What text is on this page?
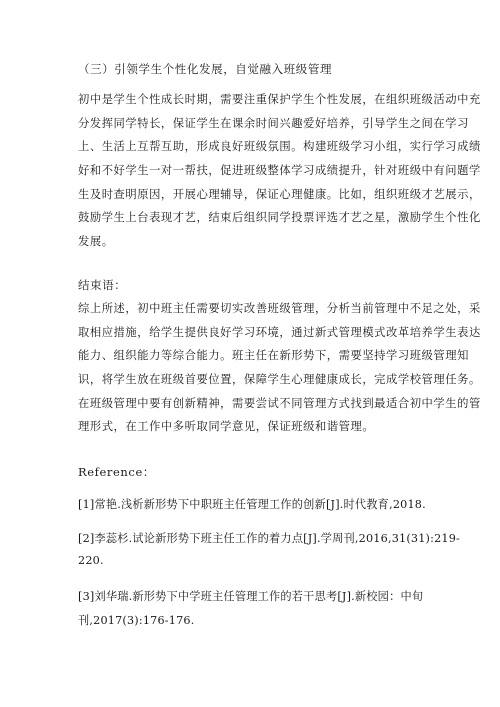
（三）引领学生个性化发展，自觉融入班级管理
初中是学生个性成长时期，需要注重保护学生个性发展，在组织班级活动中充
分发挥同学特长，保证学生在课余时间兴趣爱好培养，引导学生之间在学习
上、生活上互帮互助，形成良好班级氛围。构建班级学习小组，实行学习成绩
好和不好学生一对一帮扶，促进班级整体学习成绩提升，针对班级中有问题学
生及时查明原因，开展心理辅导，保证心理健康。比如，组织班级才艺展示，
鼓励学生上台表现才艺，结束后组织同学投票评选才艺之星，激励学生个性化
发展。
结束语：
综上所述，初中班主任需要切实改善班级管理，分析当前管理中不足之处，采
取相应措施，给学生提供良好学习环境，通过新式管理模式改革培养学生表达
能力、组织能力等综合能力。班主任在新形势下，需要坚持学习班级管理知
识，将学生放在班级首要位置，保障学生心理健康成长，完成学校管理任务。
在班级管理中要有创新精神，需要尝试不同管理方式找到最适合初中学生的管
理形式，在工作中多听取同学意见，保证班级和谐管理。
Reference：
[1]常艳.浅析新形势下中职班主任管理工作的创新[J].时代教育,2018.
[2]李蕊杉.试论新形势下班主任工作的着力点[J].学周刊,2016,31(31):219-
220.
[3]刘华瑞.新形势下中学班主任管理工作的若干思考[J].新校园：中旬
刊,2017(3):176-176.
